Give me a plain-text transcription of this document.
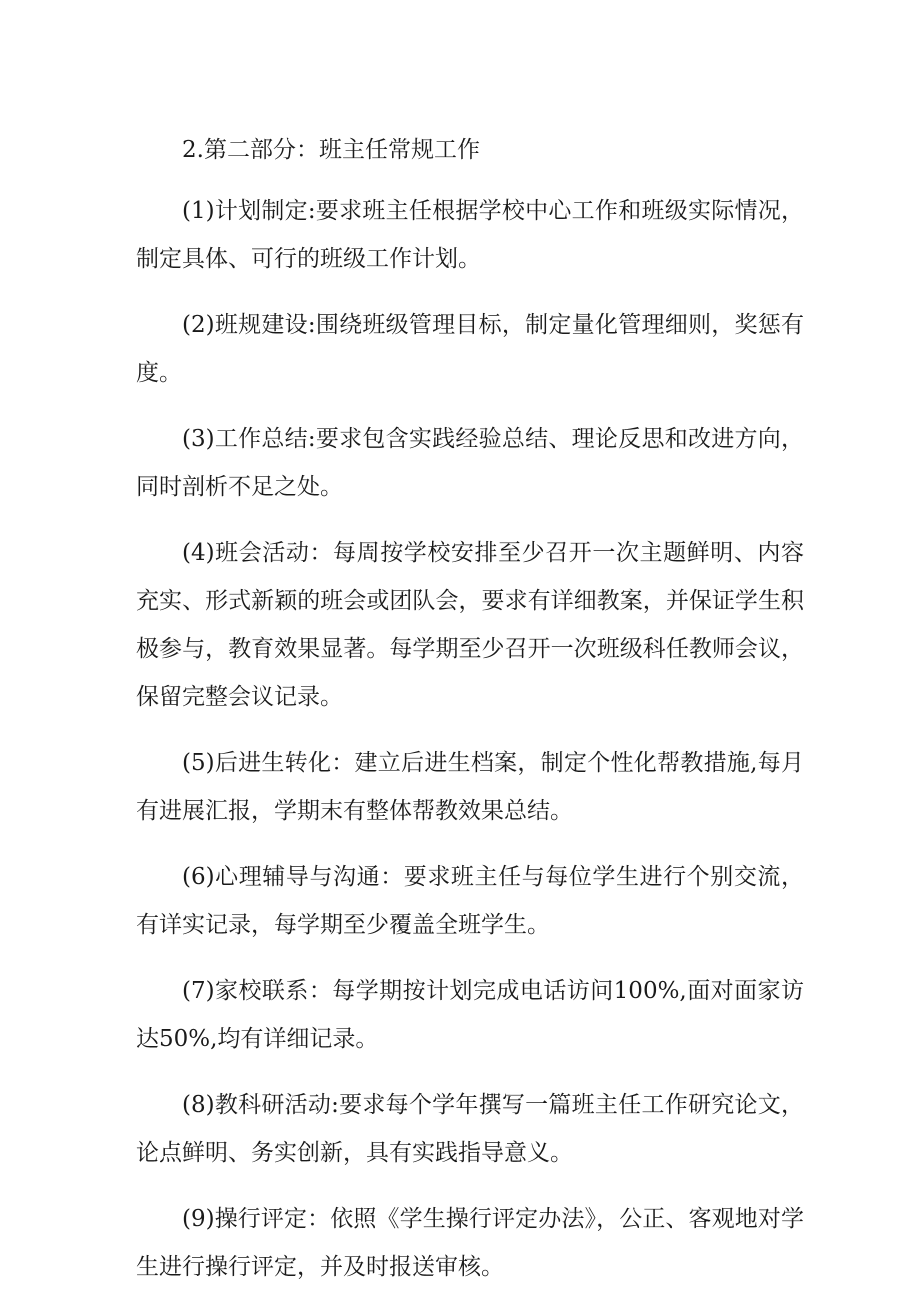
2.第二部分：班主任常规工作

(1)计划制定:要求班主任根据学校中心工作和班级实际情况，制定具体、可行的班级工作计划。

(2)班规建设:围绕班级管理目标，制定量化管理细则，奖惩有度。

(3)工作总结:要求包含实践经验总结、理论反思和改进方向，同时剖析不足之处。

(4)班会活动：每周按学校安排至少召开一次主题鲜明、内容充实、形式新颖的班会或团队会，要求有详细教案，并保证学生积极参与，教育效果显著。每学期至少召开一次班级科任教师会议，保留完整会议记录。

(5)后进生转化：建立后进生档案，制定个性化帮教措施,每月有进展汇报，学期末有整体帮教效果总结。

(6)心理辅导与沟通：要求班主任与每位学生进行个别交流，有详实记录，每学期至少覆盖全班学生。

(7)家校联系：每学期按计划完成电话访问100%,面对面家访达50%,均有详细记录。

(8)教科研活动:要求每个学年撰写一篇班主任工作研究论文，论点鲜明、务实创新，具有实践指导意义。

(9)操行评定：依照《学生操行评定办法》，公正、客观地对学生进行操行评定，并及时报送审核。
